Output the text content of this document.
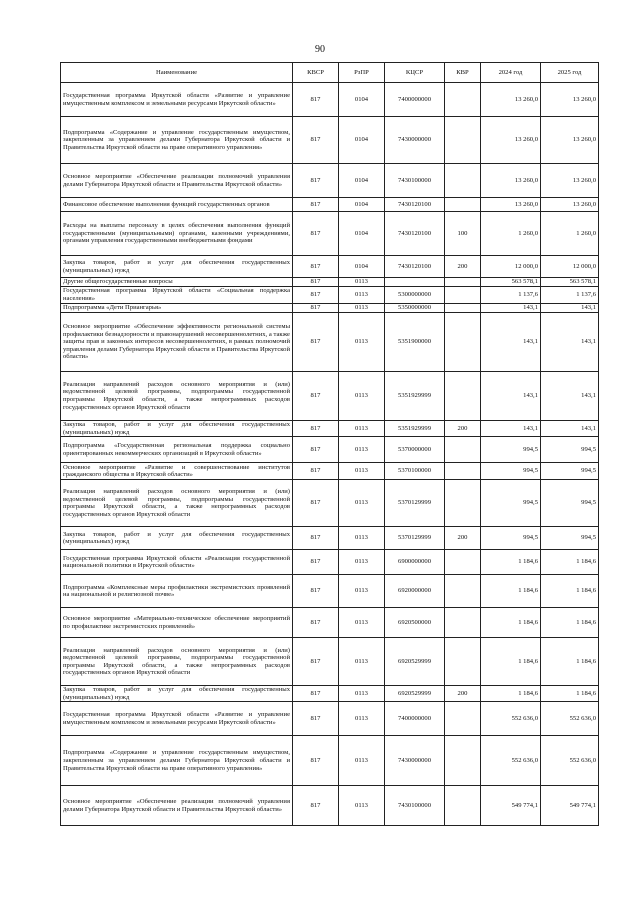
90
Наименование	КВСР	РзПР	КЦСР	КВР	2024 год	2025 год
Государственная программа Иркутской области «Развитие и управление имущественным комплексом и земельными ресурсами Иркутской области»	817	0104	7400000000		13 260,0	13 260,0
Подпрограмма «Содержание и управление государственным имуществом, закрепленным за управлением делами Губернатора Иркутской области и Правительства Иркутской области на праве оперативного управления»	817	0104	7430000000		13 260,0	13 260,0
Основное мероприятие «Обеспечение реализации полномочий управления делами Губернатора Иркутской области и Правительства Иркутской области»	817	0104	7430100000		13 260,0	13 260,0
Финансовое обеспечение выполнения функций государственных органов	817	0104	7430120100		13 260,0	13 260,0
Расходы на выплаты персоналу в целях обеспечения выполнения функций государственными (муниципальными) органами, казенными учреждениями, органами управления государственными внебюджетными фондами	817	0104	7430120100	100	1 260,0	1 260,0
Закупка товаров, работ и услуг для обеспечения государственных (муниципальных) нужд	817	0104	7430120100	200	12 000,0	12 000,0
Другие общегосударственные вопросы	817	0113			563 578,1	563 578,1
Государственная программа Иркутской области «Социальная поддержка населения»	817	0113	5300000000		1 137,6	1 137,6
Подпрограмма «Дети Приангарья»	817	0113	5350000000		143,1	143,1
Основное мероприятие «Обеспечение эффективности региональной системы профилактики безнадзорности и правонарушений несовершеннолетних, а также защиты прав и законных интересов несовершеннолетних, в рамках полномочий управления делами Губернатора Иркутской области и Правительства Иркутской области»	817	0113	5351900000		143,1	143,1
Реализация направлений расходов основного мероприятия и (или) ведомственной целевой программы, подпрограммы государственной программы Иркутской области, а также непрограммных расходов государственных органов Иркутской области	817	0113	5351929999		143,1	143,1
Закупка товаров, работ и услуг для обеспечения государственных (муниципальных) нужд	817	0113	5351929999	200	143,1	143,1
Подпрограмма «Государственная региональная поддержка социально ориентированных некоммерческих организаций в Иркутской области»	817	0113	5370000000		994,5	994,5
Основное мероприятие «Развитие и совершенствование институтов гражданского общества в Иркутской области»	817	0113	5370100000		994,5	994,5
Реализация направлений расходов основного мероприятия и (или) ведомственной целевой программы, подпрограммы государственной программы Иркутской области, а также непрограммных расходов государственных органов Иркутской области	817	0113	5370129999		994,5	994,5
Закупка товаров, работ и услуг для обеспечения государственных (муниципальных) нужд	817	0113	5370129999	200	994,5	994,5
Государственная программа Иркутской области «Реализация государственной национальной политики в Иркутской области»	817	0113	6900000000		1 184,6	1 184,6
Подпрограмма «Комплексные меры профилактики экстремистских проявлений на национальной и религиозной почве»	817	0113	6920000000		1 184,6	1 184,6
Основное мероприятие «Материально-техническое обеспечение мероприятий по профилактике экстремистских проявлений»	817	0113	6920500000		1 184,6	1 184,6
Реализация направлений расходов основного мероприятия и (или) ведомственной целевой программы, подпрограммы государственной программы Иркутской области, а также непрограммных расходов государственных органов Иркутской области	817	0113	6920529999		1 184,6	1 184,6
Закупка товаров, работ и услуг для обеспечения государственных (муниципальных) нужд	817	0113	6920529999	200	1 184,6	1 184,6
Государственная программа Иркутской области «Развитие и управление имущественным комплексом и земельными ресурсами Иркутской области»	817	0113	7400000000		552 636,0	552 636,0
Подпрограмма «Содержание и управление государственным имуществом, закрепленным за управлением делами Губернатора Иркутской области и Правительства Иркутской области на праве оперативного управления»	817	0113	7430000000		552 636,0	552 636,0
Основное мероприятие «Обеспечение реализации полномочий управления делами Губернатора Иркутской области и Правительства Иркутской области»	817	0113	7430100000		549 774,1	549 774,1
